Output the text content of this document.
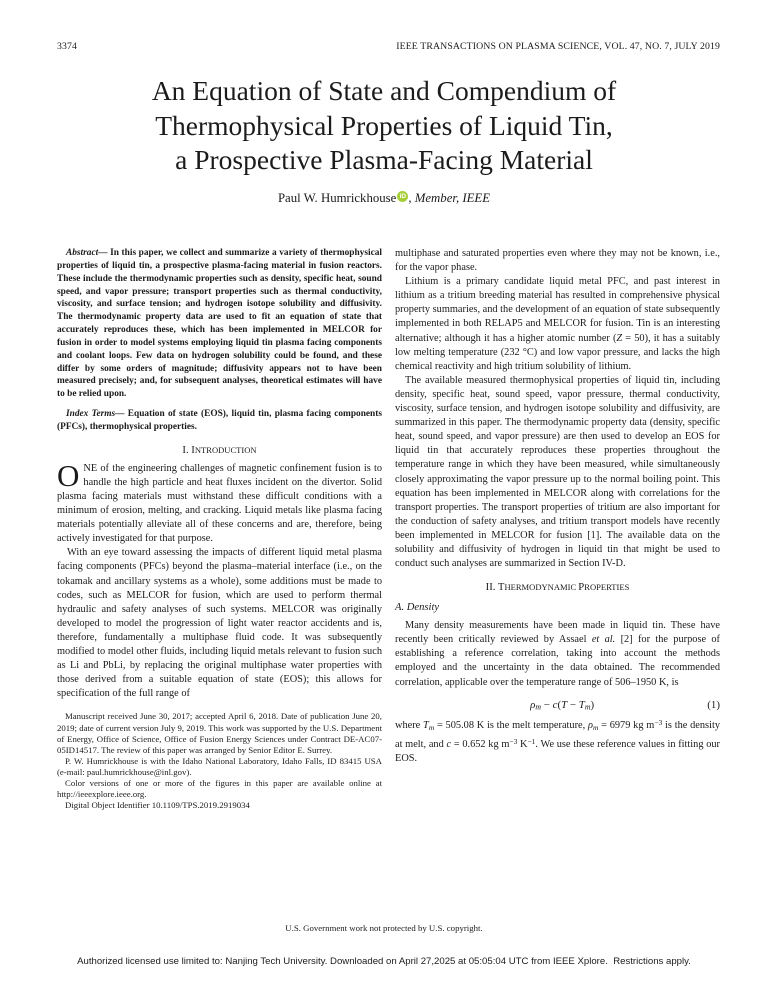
3374	IEEE TRANSACTIONS ON PLASMA SCIENCE, VOL. 47, NO. 7, JULY 2019
An Equation of State and Compendium of
Thermophysical Properties of Liquid Tin,
a Prospective Plasma-Facing Material
Paul W. Humrickhouse iD , Member, IEEE

Abstract— In this paper, we collect and summarize a variety of thermophysical properties of liquid tin, a prospective plasma-facing material in fusion reactors. These include the thermodynamic properties such as density, specific heat, sound speed, and vapor pressure; transport properties such as thermal conductivity, viscosity, and surface tension; and hydrogen isotope solubility and diffusivity. The thermodynamic property data are used to fit an equation of state that accurately reproduces these, which has been implemented in MELCOR for fusion in order to model systems employing liquid tin plasma facing components and coolant loops. Few data on hydrogen solubility could be found, and these differ by some orders of magnitude; diffusivity appears not to have been measured precisely; and, for subsequent analyses, theoretical estimates will have to be relied upon.

Index Terms— Equation of state (EOS), liquid tin, plasma facing components (PFCs), thermophysical properties.

I. INTRODUCTION

ONE of the engineering challenges of magnetic confinement fusion is to handle the high particle and heat fluxes incident on the divertor. Solid plasma facing materials must withstand these difficult conditions with a minimum of erosion, melting, and cracking. Liquid metals like plasma facing materials potentially alleviate all of these concerns and are, therefore, being actively investigated for that purpose.

With an eye toward assessing the impacts of different liquid metal plasma facing components (PFCs) beyond the plasma–material interface (i.e., on the tokamak and ancillary systems as a whole), some additions must be made to codes, such as MELCOR for fusion, which are used to perform thermal hydraulic and safety analyses of such systems. MELCOR was originally developed to model the progression of light water reactor accidents and is, therefore, fundamentally a multiphase fluid code. It was subsequently modified to model other fluids, including liquid metals relevant to fusion such as Li and PbLi, by replacing the original multiphase water properties with those derived from a suitable equation of state (EOS); this allows for specification of the full range of

Manuscript received June 30, 2017; accepted April 6, 2018. Date of publication June 20, 2019; date of current version July 9, 2019. This work was supported by the U.S. Department of Energy, Office of Science, Office of Fusion Energy Sciences under Contract DE-AC07-05ID14517. The review of this paper was arranged by Senior Editor E. Surrey.

P. W. Humrickhouse is with the Idaho National Laboratory, Idaho Falls, ID 83415 USA (e-mail: paul.humrickhouse@inl.gov).

Color versions of one or more of the figures in this paper are available online at http://ieeexplore.ieee.org.

Digital Object Identifier 10.1109/TPS.2019.2919034

multiphase and saturated properties even where they may not be known, i.e., for the vapor phase.

Lithium is a primary candidate liquid metal PFC, and past interest in lithium as a tritium breeding material has resulted in comprehensive physical property summaries, and the development of an equation of state subsequently implemented in both RELAP5 and MELCOR for fusion. Tin is an interesting alternative; although it has a higher atomic number (Z = 50), it has a suitably low melting temperature (232 °C) and low vapor pressure, and lacks the high chemical reactivity and high tritium solubility of lithium.

The available measured thermophysical properties of liquid tin, including density, specific heat, sound speed, vapor pressure, thermal conductivity, viscosity, surface tension, and hydrogen isotope solubility and diffusivity, are summarized in this paper. The thermodynamic property data (density, specific heat, sound speed, and vapor pressure) are then used to develop an EOS for liquid tin that accurately reproduces these properties throughout the temperature range in which they have been measured, while simultaneously closely approximating the vapor pressure up to the normal boiling point. This equation has been implemented in MELCOR along with correlations for the transport properties. The transport properties of tritium are also important for the conduction of safety analyses, and tritium transport models have recently been implemented in MELCOR for fusion [1]. The available data on the solubility and diffusivity of hydrogen in liquid tin that might be used to conduct such analyses are summarized in Section IV-D.

II. THERMODYNAMIC PROPERTIES
A. Density

Many density measurements have been made in liquid tin. These have recently been critically reviewed by Assael et al. [2] for the purpose of establishing a reference correlation, taking into account the methods employed and the uncertainty in the data obtained. The recommended correlation, applicable over the temperature range of 506–1950 K, is

ρm − c(T − Tm)	(1)

where Tm = 505.08 K is the melt temperature, ρm = 6979 kg $m^{-3}$ is the density at melt, and c = 0.652 kg $m^{-3}$ $K^{-1}$. We use these reference values in fitting our EOS.

U.S. Government work not protected by U.S. copyright.
Authorized licensed use limited to: Nanjing Tech University. Downloaded on April 27,2025 at 05:05:04 UTC from IEEE Xplore.  Restrictions apply.
